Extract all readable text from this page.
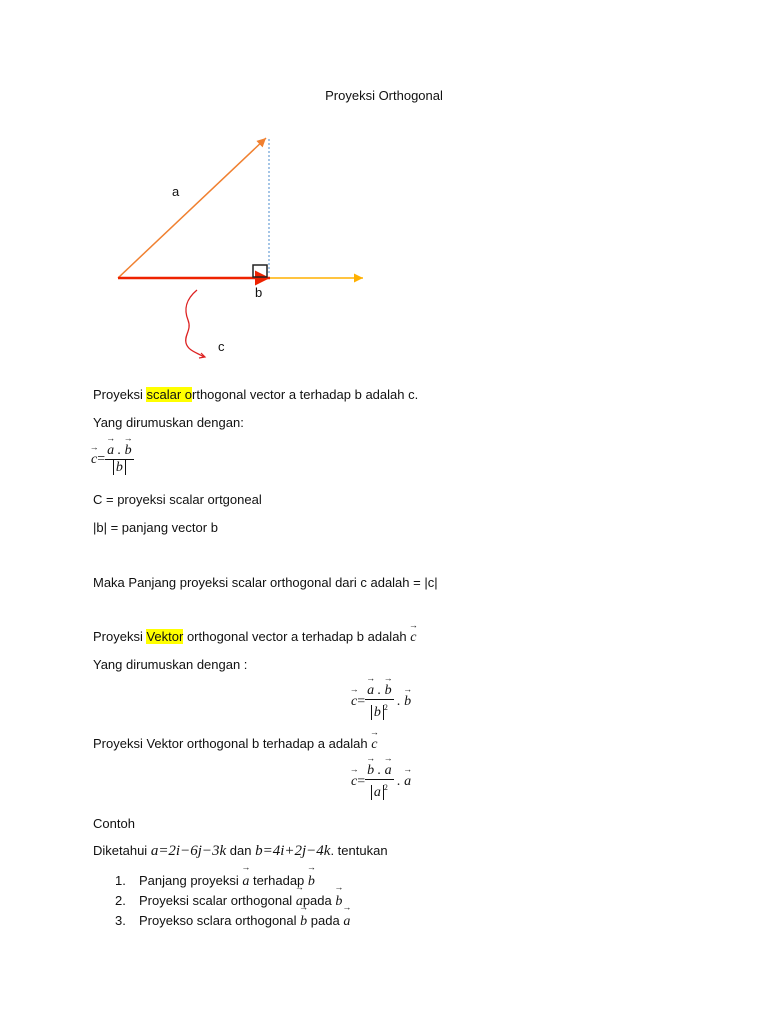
Proyeksi Orthogonal
a
b
c
Proyeksi scalar orthogonal vector a terhadap b adalah c.
Yang dirumuskan dengan:
→ c=
→ $\frac{a . \to b}{b}$
C = proyeksi scalar ortgoneal
|b| = panjang vector b
Maka Panjang proyeksi scalar orthogonal dari c adalah = |c|
Proyeksi Vektor orthogonal vector a terhadap b adalah → c
Yang dirumuskan dengan :
→ c=
→ $\frac{a . \to b}{b ^2}$ . → b
Proyeksi Vektor orthogonal b terhadap a adalah → c
→ c=
→ $\frac{b . \to a}{a ^2}$ . → a
Contoh
Diketahui a=2i−6j−3k dan b=4i+2j−4k. tentukan
1. Panjang proyeksi → a terhadap → b
2. Proyeksi scalar orthogonal → apada → b
3. Proyekso sclara orthogonal → b pada → a
